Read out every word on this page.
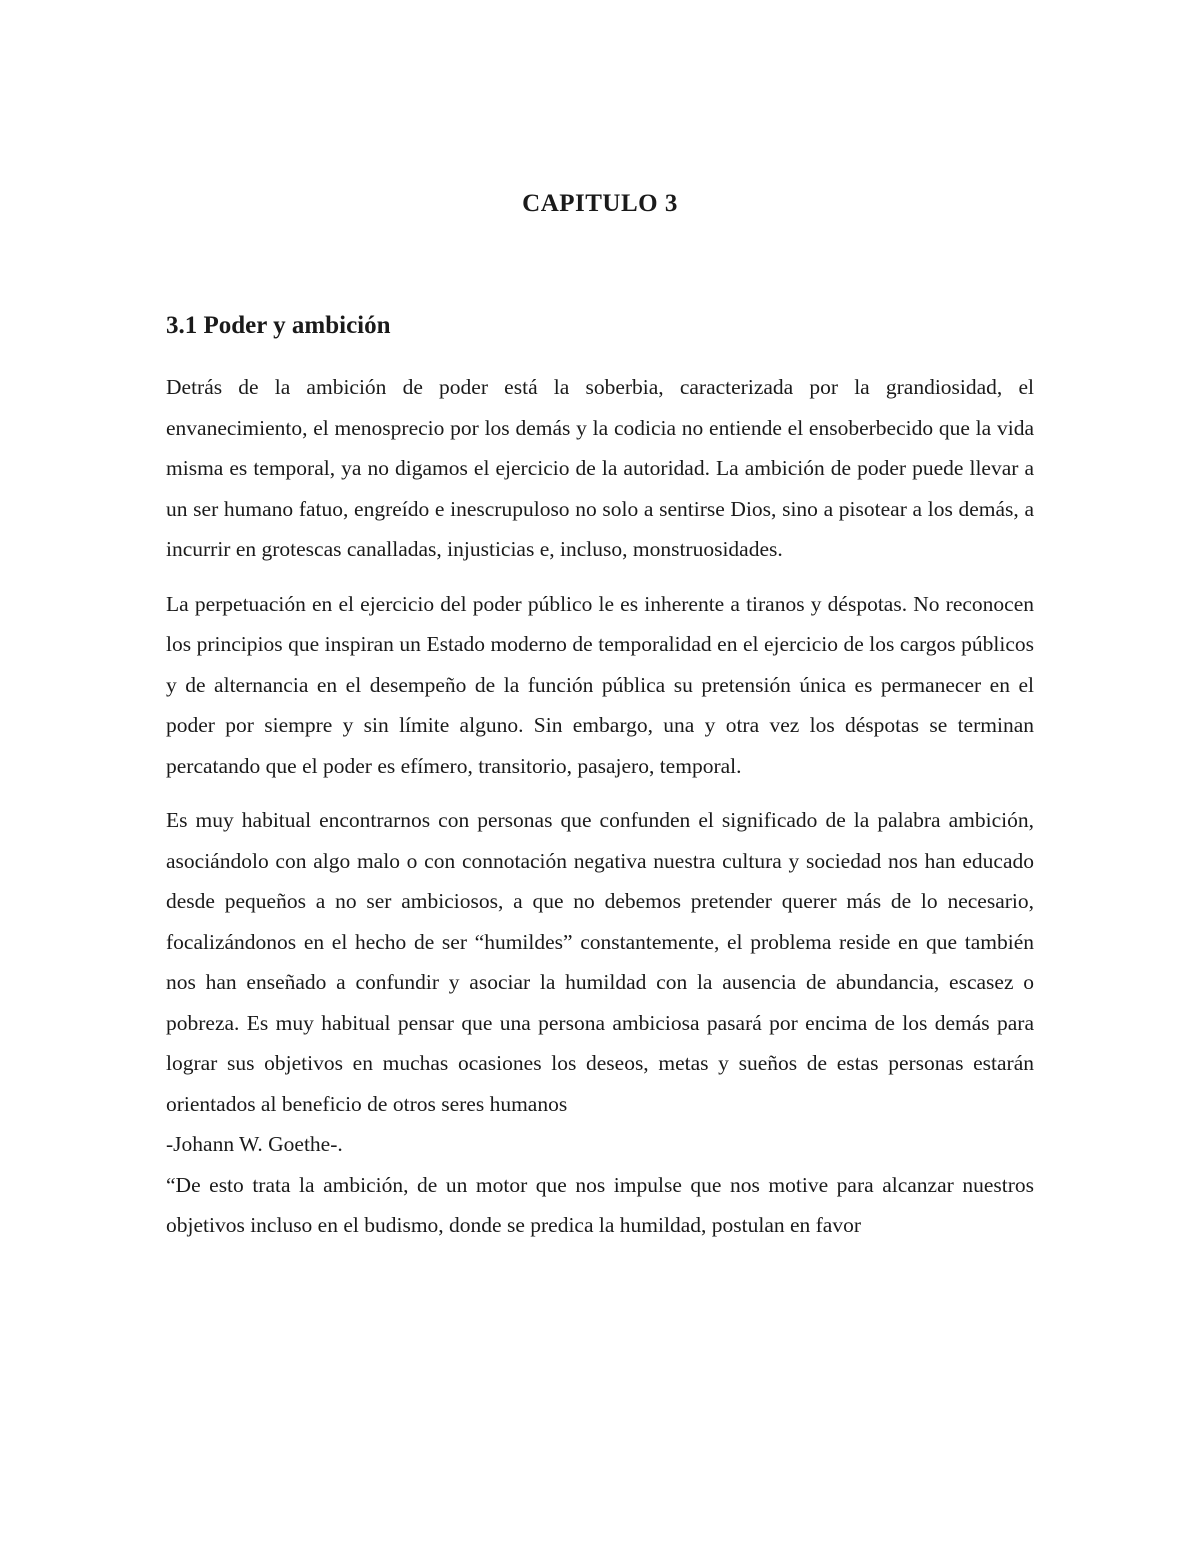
CAPITULO 3
3.1 Poder y ambición

Detrás de la ambición de poder está la soberbia, caracterizada por la grandiosidad, el envanecimiento, el menosprecio por los demás y la codicia no entiende el ensoberbecido que la vida misma es temporal, ya no digamos el ejercicio de la autoridad. La ambición de poder puede llevar a un ser humano fatuo, engreído e inescrupuloso no solo a sentirse Dios, sino a pisotear a los demás, a incurrir en grotescas canalladas, injusticias e, incluso, monstruosidades.

La perpetuación en el ejercicio del poder público le es inherente a tiranos y déspotas. No reconocen los principios que inspiran un Estado moderno de temporalidad en el ejercicio de los cargos públicos y de alternancia en el desempeño de la función pública su pretensión única es permanecer en el poder por siempre y sin límite alguno. Sin embargo, una y otra vez los déspotas se terminan percatando que el poder es efímero, transitorio, pasajero, temporal.

Es muy habitual encontrarnos con personas que confunden el significado de la palabra ambición, asociándolo con algo malo o con connotación negativa nuestra cultura y sociedad nos han educado desde pequeños a no ser ambiciosos, a que no debemos pretender querer más de lo necesario, focalizándonos en el hecho de ser “humildes” constantemente, el problema reside en que también nos han enseñado a confundir y asociar la humildad con la ausencia de abundancia, escasez o pobreza. Es muy habitual pensar que una persona ambiciosa pasará por encima de los demás para lograr sus objetivos en muchas ocasiones los deseos, metas y sueños de estas personas estarán orientados al beneficio de otros seres humanos

-Johann W. Goethe-.

“De esto trata la ambición, de un motor que nos impulse que nos motive para alcanzar nuestros objetivos incluso en el budismo, donde se predica la humildad, postulan en favor
